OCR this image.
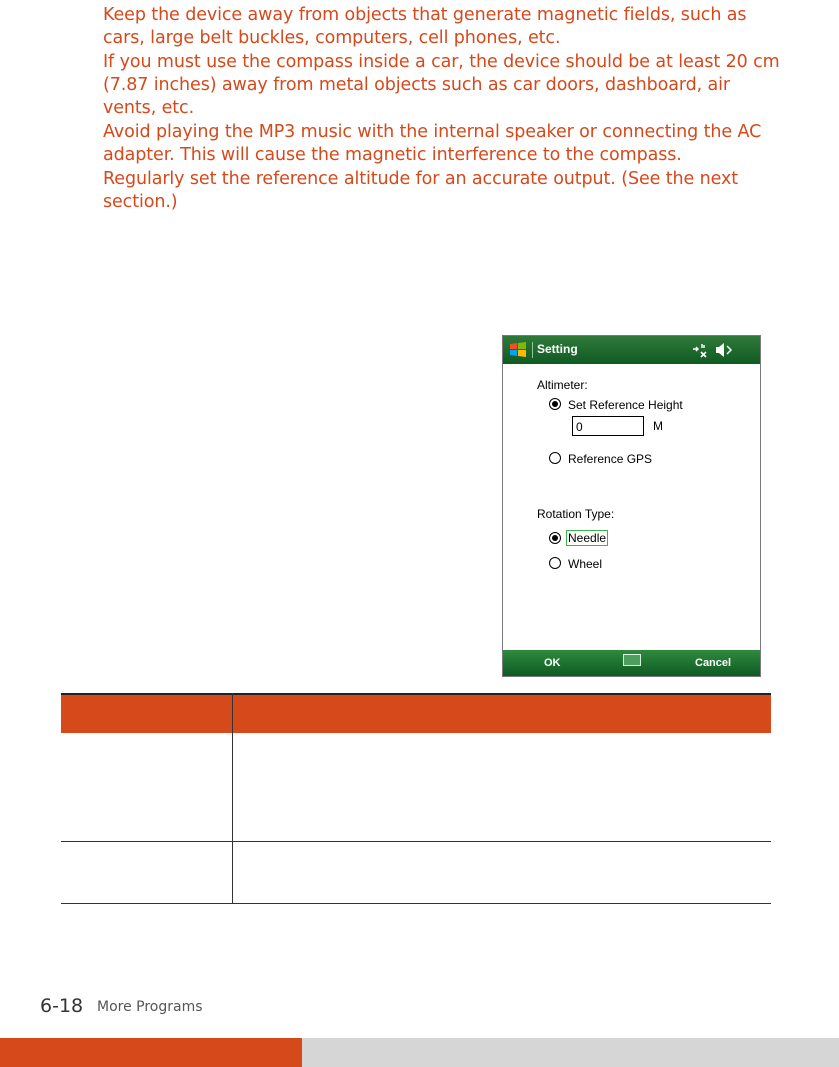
Keep the device away from objects that generate magnetic fields, such as cars, large belt buckles, computers, cell phones, etc.
If you must use the compass inside a car, the device should be at least 20 cm (7.87 inches) away from metal objects such as car doors, dashboard, air vents, etc.
Avoid playing the MP3 music with the internal speaker or connecting the AC adapter. This will cause the magnetic interference to the compass.
Regularly set the reference altitude for an accurate output. (See the next section.)
Setting
Altimeter:
Set Reference Height
0	M
Reference GPS
Rotation Type:
Needle
Wheel
OK	Cancel
6-18 More Programs
